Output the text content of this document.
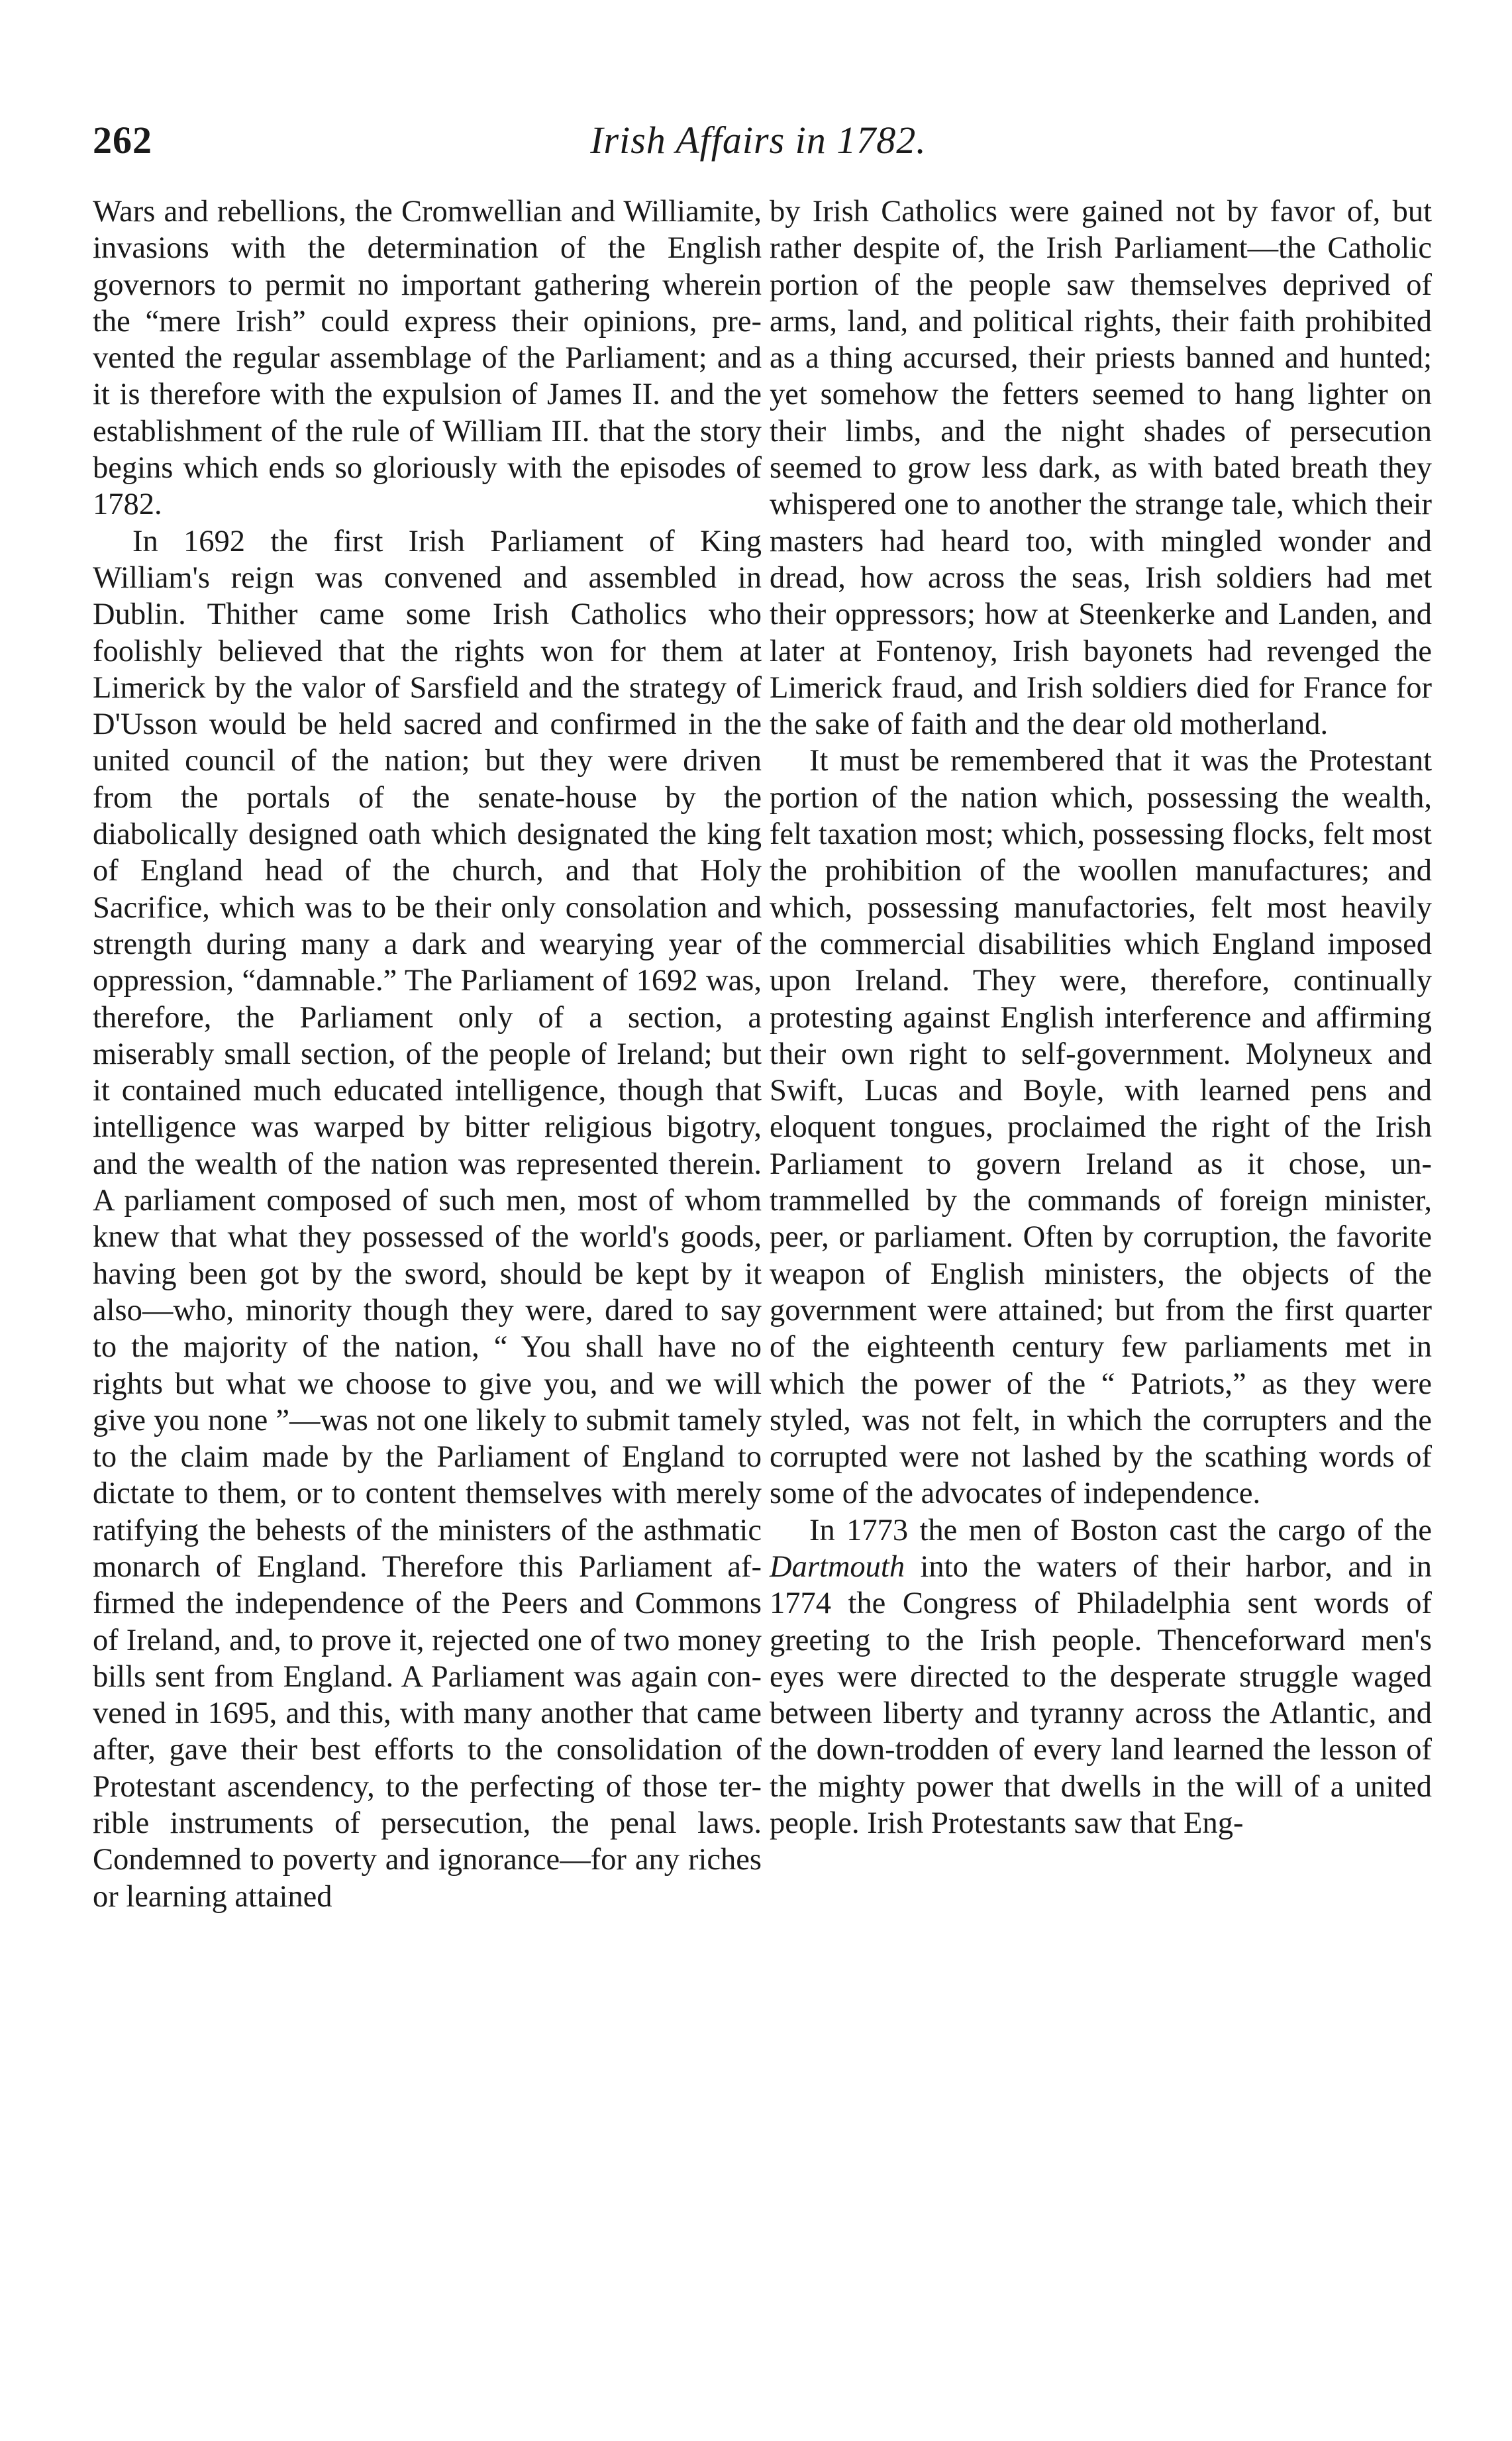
262	Irish Affairs in 1782.

Wars and rebellions, the Cromwellian and Williamite, invasions with the determination of the English governors to permit no important gathering wherein the “mere Irish” could express their opinions, prevented the regular assemblage of the Parliament; and it is therefore with the expulsion of James II. and the establishment of the rule of William III. that the story begins which ends so gloriously with the episodes of 1782.

In 1692 the first Irish Parliament of King William's reign was convened and assembled in Dublin. Thither came some Irish Catholics who foolishly believed that the rights won for them at Limerick by the valor of Sarsfield and the strategy of D'Usson would be held sacred and confirmed in the united council of the nation; but they were driven from the portals of the senate-house by the diabolically designed oath which designated the king of England head of the church, and that Holy Sacrifice, which was to be their only consolation and strength during many a dark and wearying year of oppression, “damnable.” The Parliament of 1692 was, therefore, the Parliament only of a section, a miserably small section, of the people of Ireland; but it contained much educated intelligence, though that intelligence was warped by bitter religious bigotry, and the wealth of the nation was represented therein. A parliament composed of such men, most of whom knew that what they possessed of the world's goods, having been got by the sword, should be kept by it also—who, minority though they were, dared to say to the majority of the nation, “ You shall have no rights but what we choose to give you, and we will give you none ”—was not one likely to submit tamely to the claim made by the Parliament of England to dictate to them, or to content themselves with merely ratifying the behests of the ministers of the asthmatic monarch of England. Therefore this Parliament affirmed the independence of the Peers and Commons of Ireland, and, to prove it, rejected one of two money bills sent from England. A Parliament was again convened in 1695, and this, with many another that came after, gave their best efforts to the consolidation of Protestant ascendency, to the perfecting of those terrible instruments of persecution, the penal laws. Condemned to poverty and ignorance—for any riches or learning attained

by Irish Catholics were gained not by favor of, but rather despite of, the Irish Parliament—the Catholic portion of the people saw themselves deprived of arms, land, and political rights, their faith prohibited as a thing accursed, their priests banned and hunted; yet somehow the fetters seemed to hang lighter on their limbs, and the night shades of persecution seemed to grow less dark, as with bated breath they whispered one to another the strange tale, which their masters had heard too, with mingled wonder and dread, how across the seas, Irish soldiers had met their oppressors; how at Steenkerke and Landen, and later at Fontenoy, Irish bayonets had revenged the Limerick fraud, and Irish soldiers died for France for the sake of faith and the dear old motherland.

It must be remembered that it was the Protestant portion of the nation which, possessing the wealth, felt taxation most; which, possessing flocks, felt most the prohibition of the woollen manufactures; and which, possessing manufactories, felt most heavily the commercial disabilities which England imposed upon Ireland. They were, therefore, continually protesting against English interference and affirming their own right to self-government. Molyneux and Swift, Lucas and Boyle, with learned pens and eloquent tongues, proclaimed the right of the Irish Parliament to govern Ireland as it chose, untrammelled by the commands of foreign minister, peer, or parliament. Often by corruption, the favorite weapon of English ministers, the objects of the government were attained; but from the first quarter of the eighteenth century few parliaments met in which the power of the “ Patriots,” as they were styled, was not felt, in which the corrupters and the corrupted were not lashed by the scathing words of some of the advocates of independence.

In 1773 the men of Boston cast the cargo of the Dartmouth into the waters of their harbor, and in 1774 the Congress of Philadelphia sent words of greeting to the Irish people. Thenceforward men's eyes were directed to the desperate struggle waged between liberty and tyranny across the Atlantic, and the down-trodden of every land learned the lesson of the mighty power that dwells in the will of a united people. Irish Protestants saw that Eng-
